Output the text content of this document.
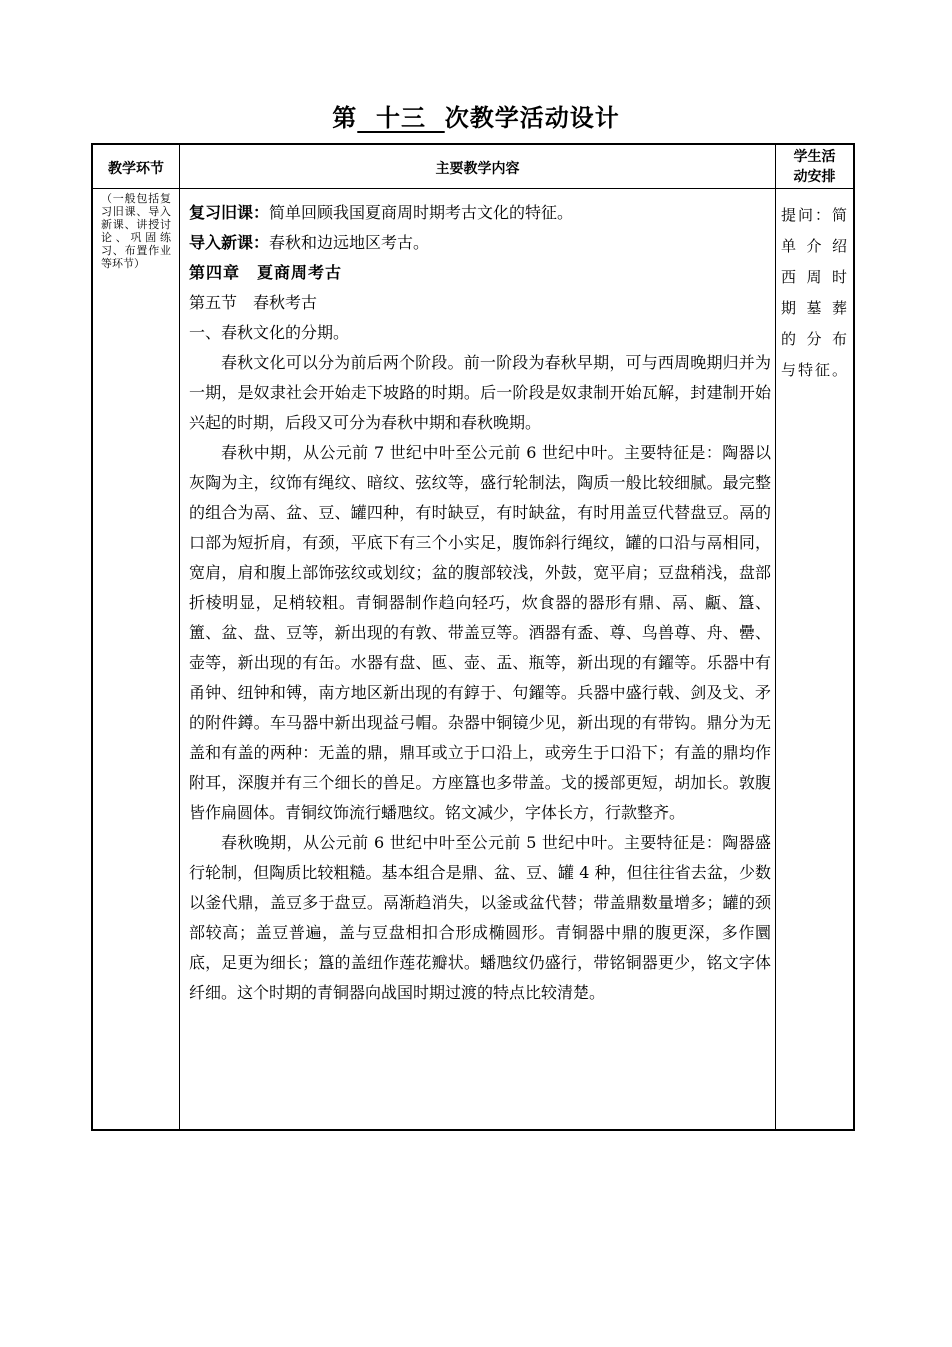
第 十三 次教学活动设计
教学环节	主要教学内容
学生活
动安排
（一般包括复习旧课、导入新课、讲授讨论、巩固练习、布置作业等环节）

复习旧课：简单回顾我国夏商周时期考古文化的特征。

导入新课：春秋和边远地区考古。

第四章　夏商周考古

第五节　春秋考古

一、春秋文化的分期。

春秋文化可以分为前后两个阶段。前一阶段为春秋早期，可与西周晚期归并为一期，是奴隶社会开始走下坡路的时期。后一阶段是奴隶制开始瓦解，封建制开始兴起的时期，后段又可分为春秋中期和春秋晚期。

春秋中期，从公元前 7 世纪中叶至公元前 6 世纪中叶。主要特征是：陶器以灰陶为主，纹饰有绳纹、暗纹、弦纹等，盛行轮制法，陶质一般比较细腻。最完整的组合为鬲、盆、豆、罐四种，有时缺豆，有时缺盆，有时用盖豆代替盘豆。鬲的口部为短折肩，有颈，平底下有三个小实足，腹饰斜行绳纹，罐的口沿与鬲相同，宽肩，肩和腹上部饰弦纹或划纹；盆的腹部较浅，外鼓，宽平肩；豆盘稍浅，盘部折棱明显，足梢较粗。青铜器制作趋向轻巧，炊食器的器形有鼎、鬲、甗、簋、簠、盆、盘、豆等，新出现的有敦、带盖豆等。酒器有盉、尊、鸟兽尊、舟、罍、壶等，新出现的有缶。水器有盘、匜、壶、盂、瓶等，新出现的有鑃等。乐器中有甬钟、纽钟和镈，南方地区新出现的有錞于、句鑃等。兵器中盛行戟、剑及戈、矛的附件鐏。车马器中新出现益弓帽。杂器中铜镜少见，新出现的有带钩。鼎分为无盖和有盖的两种：无盖的鼎，鼎耳或立于口沿上，或旁生于口沿下；有盖的鼎均作附耳，深腹并有三个细长的兽足。方座簋也多带盖。戈的援部更短，胡加长。敦腹皆作扁圆体。青铜纹饰流行蟠虺纹。铭文减少，字体长方，行款整齐。

春秋晚期，从公元前 6 世纪中叶至公元前 5 世纪中叶。主要特征是：陶器盛行轮制，但陶质比较粗糙。基本组合是鼎、盆、豆、罐 4 种，但往往省去盆，少数以釜代鼎，盖豆多于盘豆。鬲渐趋消失，以釜或盆代替；带盖鼎数量增多；罐的颈部较高；盖豆普遍，盖与豆盘相扣合形成椭圆形。青铜器中鼎的腹更深，多作圜底，足更为细长；簋的盖纽作莲花瓣状。蟠虺纹仍盛行，带铭铜器更少，铭文字体纤细。这个时期的青铜器向战国时期过渡的特点比较清楚。

提问：简

单介绍

西周时

期墓葬

的分布

与特征。
